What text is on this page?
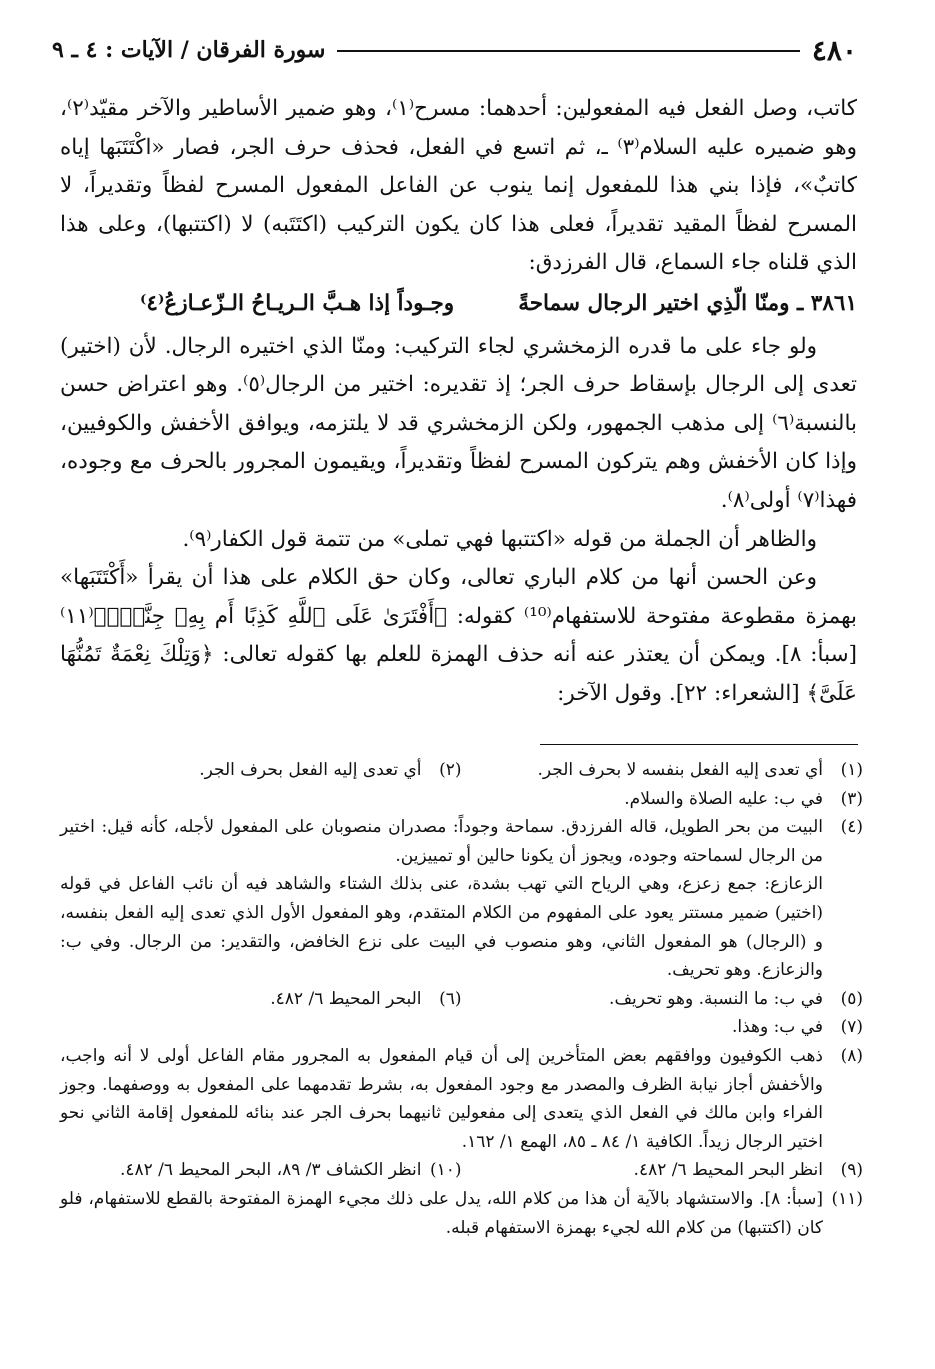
٤٨٠
سورة الفرقان / الآيات : ٤ ـ ٩

كاتب، وصل الفعل فيه المفعولين: أحدهما: مسرح⁽١⁾، وهو ضمير الأساطير والآخر مقيّد⁽٢⁾، وهو ضميره عليه السلام⁽٣⁾ ـ، ثم اتسع في الفعل، فحذف حرف الجر، فصار «اكْتَتَبَها إياه كاتبٌ»، فإذا بني هذا للمفعول إنما ينوب عن الفاعل المفعول المسرح لفظاً وتقديراً، لا المسرح لفظاً المقيد تقديراً، فعلى هذا كان يكون التركيب (اكتَتَبه) لا (اكتتبها)، وعلى هذا الذي قلناه جاء السماع، قال الفرزدق:

٣٨٦١ ـ ومنّا الّذِي اختير الرجال سماحةً
وجـوداً إذا هـبَّ الـريـاحُ الـزّعـازعُ⁽٤⁾

ولو جاء على ما قدره الزمخشري لجاء التركيب: ومنّا الذي اختيره الرجال. لأن (اختير) تعدى إلى الرجال بإسقاط حرف الجر؛ إذ تقديره: اختير من الرجال⁽٥⁾. وهو اعتراض حسن بالنسبة⁽٦⁾ إلى مذهب الجمهور، ولكن الزمخشري قد لا يلتزمه، ويوافق الأخفش والكوفيين، وإذا كان الأخفش وهم يتركون المسرح لفظاً وتقديراً، ويقيمون المجرور بالحرف مع وجوده، فهذا⁽٧⁾ أولى⁽٨⁾.

والظاهر أن الجملة من قوله «اكتتبها فهي تملى» من تتمة قول الكفار⁽٩⁾.

وعن الحسن أنها من كلام الباري تعالى، وكان حق الكلام على هذا أن يقرأ «أَكْتَتَبَها» بهمزة مقطوعة مفتوحة للاستفهام⁽¹⁰⁾ كقوله: ﴿أَفْتَرَىٰ عَلَى ٱللَّهِ كَذِبًا أَم بِهِۦ جِنَّةٌۢ﴾⁽١١⁾ [سبأ: ٨]. ويمكن أن يعتذر عنه أنه حذف الهمزة للعلم بها كقوله تعالى: ﴿وَتِلْكَ نِعْمَةٌ تَمُنُّهَا عَلَىَّ﴾ [الشعراء: ٢٢]. وقول الآخر:

(١)
أي تعدى إليه الفعل بنفسه لا بحرف الجر.
(٢)
أي تعدى إليه الفعل بحرف الجر.
(٣)
في ب: عليه الصلاة والسلام.
(٤)
البيت من بحر الطويل، قاله الفرزدق. سماحة وجوداً: مصدران منصوبان على المفعول لأجله، كأنه قيل: اختير من الرجال لسماحته وجوده، ويجوز أن يكونا حالين أو تمييزين.
الزعازع: جمع زعزع، وهي الرياح التي تهب بشدة، عنى بذلك الشتاء والشاهد فيه أن نائب الفاعل في قوله (اختير) ضمير مستتر يعود على المفهوم من الكلام المتقدم، وهو المفعول الأول الذي تعدى إليه الفعل بنفسه، و (الرجال) هو المفعول الثاني، وهو منصوب في البيت على نزع الخافض، والتقدير: من الرجال. وفي ب: والزعازع. وهو تحريف.
(٥)
في ب: ما النسبة. وهو تحريف.
(٦)
البحر المحيط ٦/ ٤٨٢.
(٧)
في ب: وهذا.
(٨)
ذهب الكوفيون ووافقهم بعض المتأخرين إلى أن قيام المفعول به المجرور مقام الفاعل أولى لا أنه واجب، والأخفش أجاز نيابة الظرف والمصدر مع وجود المفعول به، بشرط تقدمهما على المفعول به ووصفهما. وجوز الفراء وابن مالك في الفعل الذي يتعدى إلى مفعولين ثانيهما بحرف الجر عند بنائه للمفعول إقامة الثاني نحو اختير الرجال زيداً. الكافية ١/ ٨٤ ـ ٨٥، الهمع ١/ ١٦٢.
(٩)
انظر البحر المحيط ٦/ ٤٨٢.
(١٠)
انظر الكشاف ٣/ ٨٩، البحر المحيط ٦/ ٤٨٢.
(١١)
[سبأ: ٨]. والاستشهاد بالآية أن هذا من كلام الله، يدل على ذلك مجيء الهمزة المفتوحة بالقطع للاستفهام، فلو كان (اكتتبها) من كلام الله لجيء بهمزة الاستفهام قبله.
